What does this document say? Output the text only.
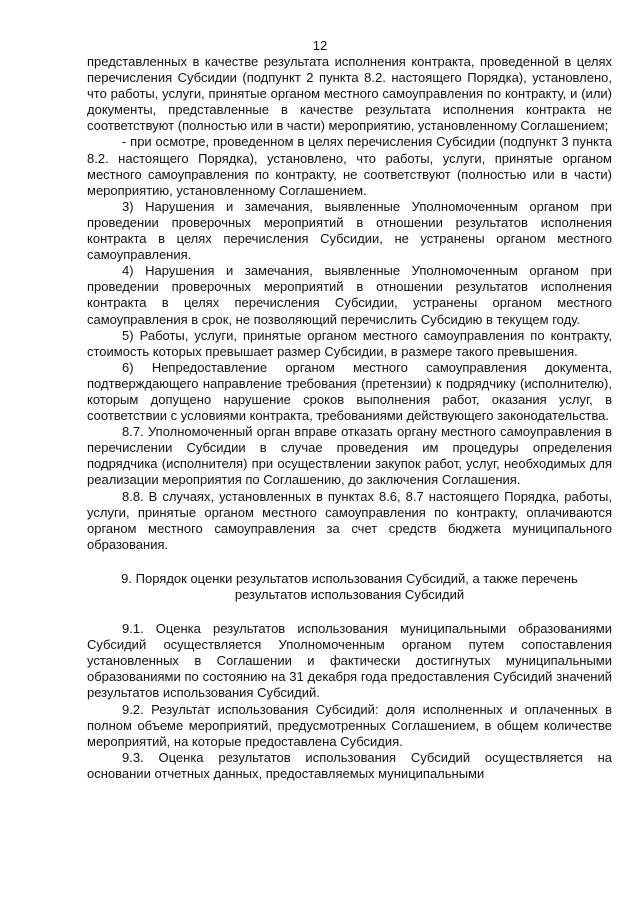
12

представленных в качестве результата исполнения контракта, проведенной в целях перечисления Субсидии (подпункт 2 пункта 8.2. настоящего Порядка), установлено, что работы, услуги, принятые органом местного самоуправления по контракту, и (или) документы, представленные в качестве результата исполнения контракта не соответствуют (полностью или в части) мероприятию, установленному Соглашением;

- при осмотре, проведенном в целях перечисления Субсидии (подпункт 3 пункта 8.2. настоящего Порядка), установлено, что работы, услуги, принятые органом местного самоуправления по контракту, не соответствуют (полностью или в части) мероприятию, установленному Соглашением.

3) Нарушения и замечания, выявленные Уполномоченным органом при проведении проверочных мероприятий в отношении результатов исполнения контракта в целях перечисления Субсидии, не устранены органом местного самоуправления.

4) Нарушения и замечания, выявленные Уполномоченным органом при проведении проверочных мероприятий в отношении результатов исполнения контракта в целях перечисления Субсидии, устранены органом местного самоуправления в срок, не позволяющий перечислить Субсидию в текущем году.

5) Работы, услуги, принятые органом местного самоуправления по контракту, стоимость которых превышает размер Субсидии, в размере такого превышения.

6) Непредоставление органом местного самоуправления документа, подтверждающего направление требования (претензии) к подрядчику (исполнителю), которым допущено нарушение сроков выполнения работ, оказания услуг, в соответствии с условиями контракта, требованиями действующего законодательства.

8.7. Уполномоченный орган вправе отказать органу местного самоуправления в перечислении Субсидии в случае проведения им процедуры определения подрядчика (исполнителя) при осуществлении закупок работ, услуг, необходимых для реализации мероприятия по Соглашению, до заключения Соглашения.

8.8. В случаях, установленных в пунктах 8.6, 8.7 настоящего Порядка, работы, услуги, принятые органом местного самоуправления по контракту, оплачиваются органом местного самоуправления за счет средств бюджета муниципального образования.

9. Порядок оценки результатов использования Субсидий, а также перечень результатов использования Субсидий

9.1. Оценка результатов использования муниципальными образованиями Субсидий осуществляется Уполномоченным органом путем сопоставления установленных в Соглашении и фактически достигнутых муниципальными образованиями по состоянию на 31 декабря года предоставления Субсидий значений результатов использования Субсидий.

9.2. Результат использования Субсидий: доля исполненных и оплаченных в полном объеме мероприятий, предусмотренных Соглашением, в общем количестве мероприятий, на которые предоставлена Субсидия.

9.3. Оценка результатов использования Субсидий осуществляется на основании отчетных данных, предоставляемых муниципальными
